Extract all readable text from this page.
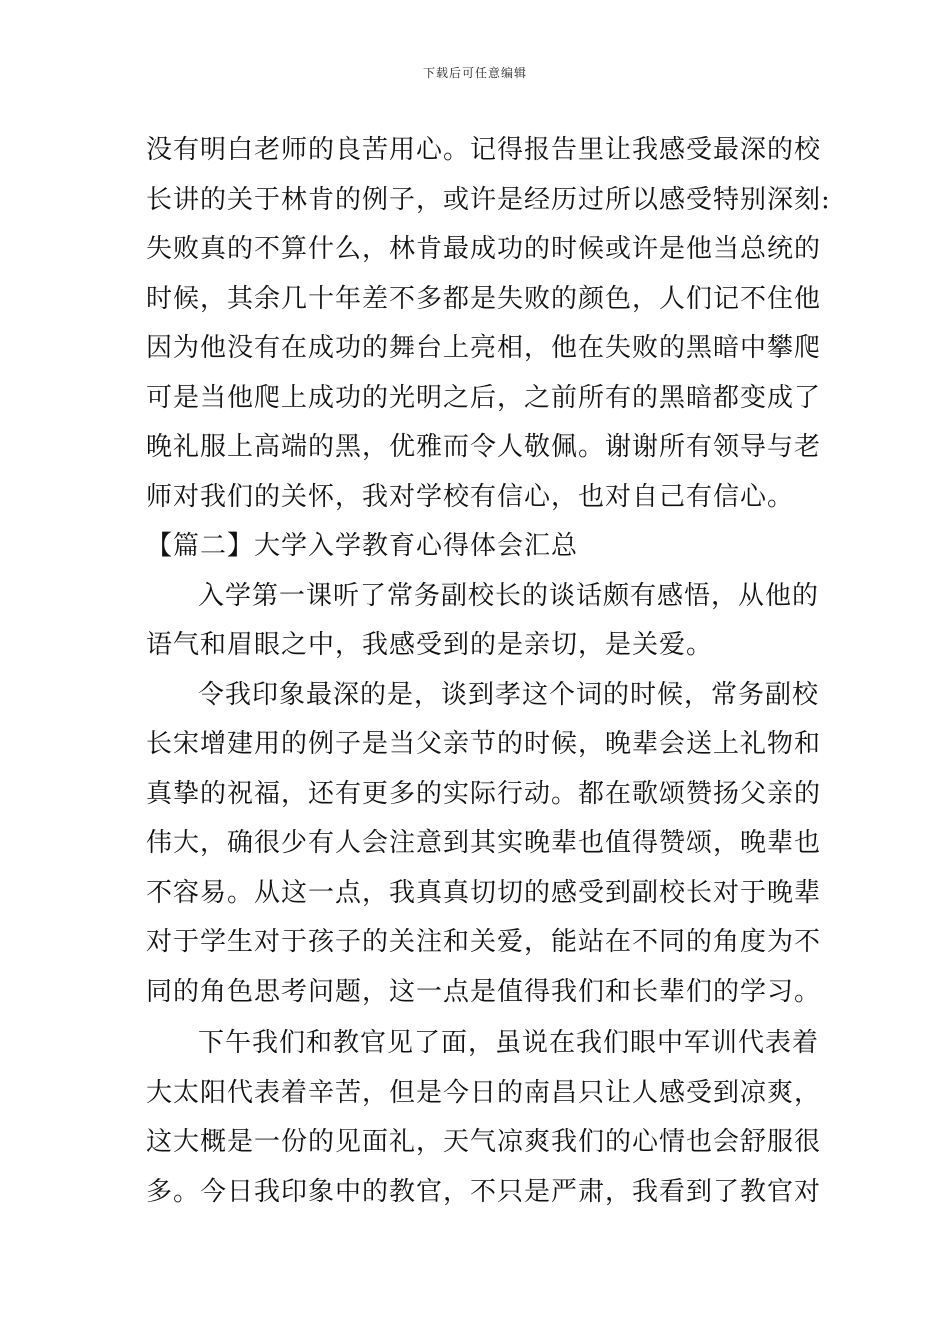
下载后可任意编辑
没有明白老师的良苦用心。记得报告里让我感受最深的校
长讲的关于林肯的例子，或许是经历过所以感受特别深刻:
失败真的不算什么，林肯最成功的时候或许是他当总统的
时候，其余几十年差不多都是失败的颜色，人们记不住他
因为他没有在成功的舞台上亮相，他在失败的黑暗中攀爬
可是当他爬上成功的光明之后，之前所有的黑暗都变成了
晚礼服上高端的黑，优雅而令人敬佩。谢谢所有领导与老
师对我们的关怀，我对学校有信心，也对自己有信心。
【篇二】大学入学教育心得体会汇总
入学第一课听了常务副校长的谈话颇有感悟，从他的
语气和眉眼之中，我感受到的是亲切，是关爱。
令我印象最深的是，谈到孝这个词的时候，常务副校
长宋增建用的例子是当父亲节的时候，晚辈会送上礼物和
真挚的祝福，还有更多的实际行动。都在歌颂赞扬父亲的
伟大，确很少有人会注意到其实晚辈也值得赞颂，晚辈也
不容易。从这一点，我真真切切的感受到副校长对于晚辈
对于学生对于孩子的关注和关爱，能站在不同的角度为不
同的角色思考问题，这一点是值得我们和长辈们的学习。
下午我们和教官见了面，虽说在我们眼中军训代表着
大太阳代表着辛苦，但是今日的南昌只让人感受到凉爽，
这大概是一份的见面礼，天气凉爽我们的心情也会舒服很
多。今日我印象中的教官，不只是严肃，我看到了教官对
